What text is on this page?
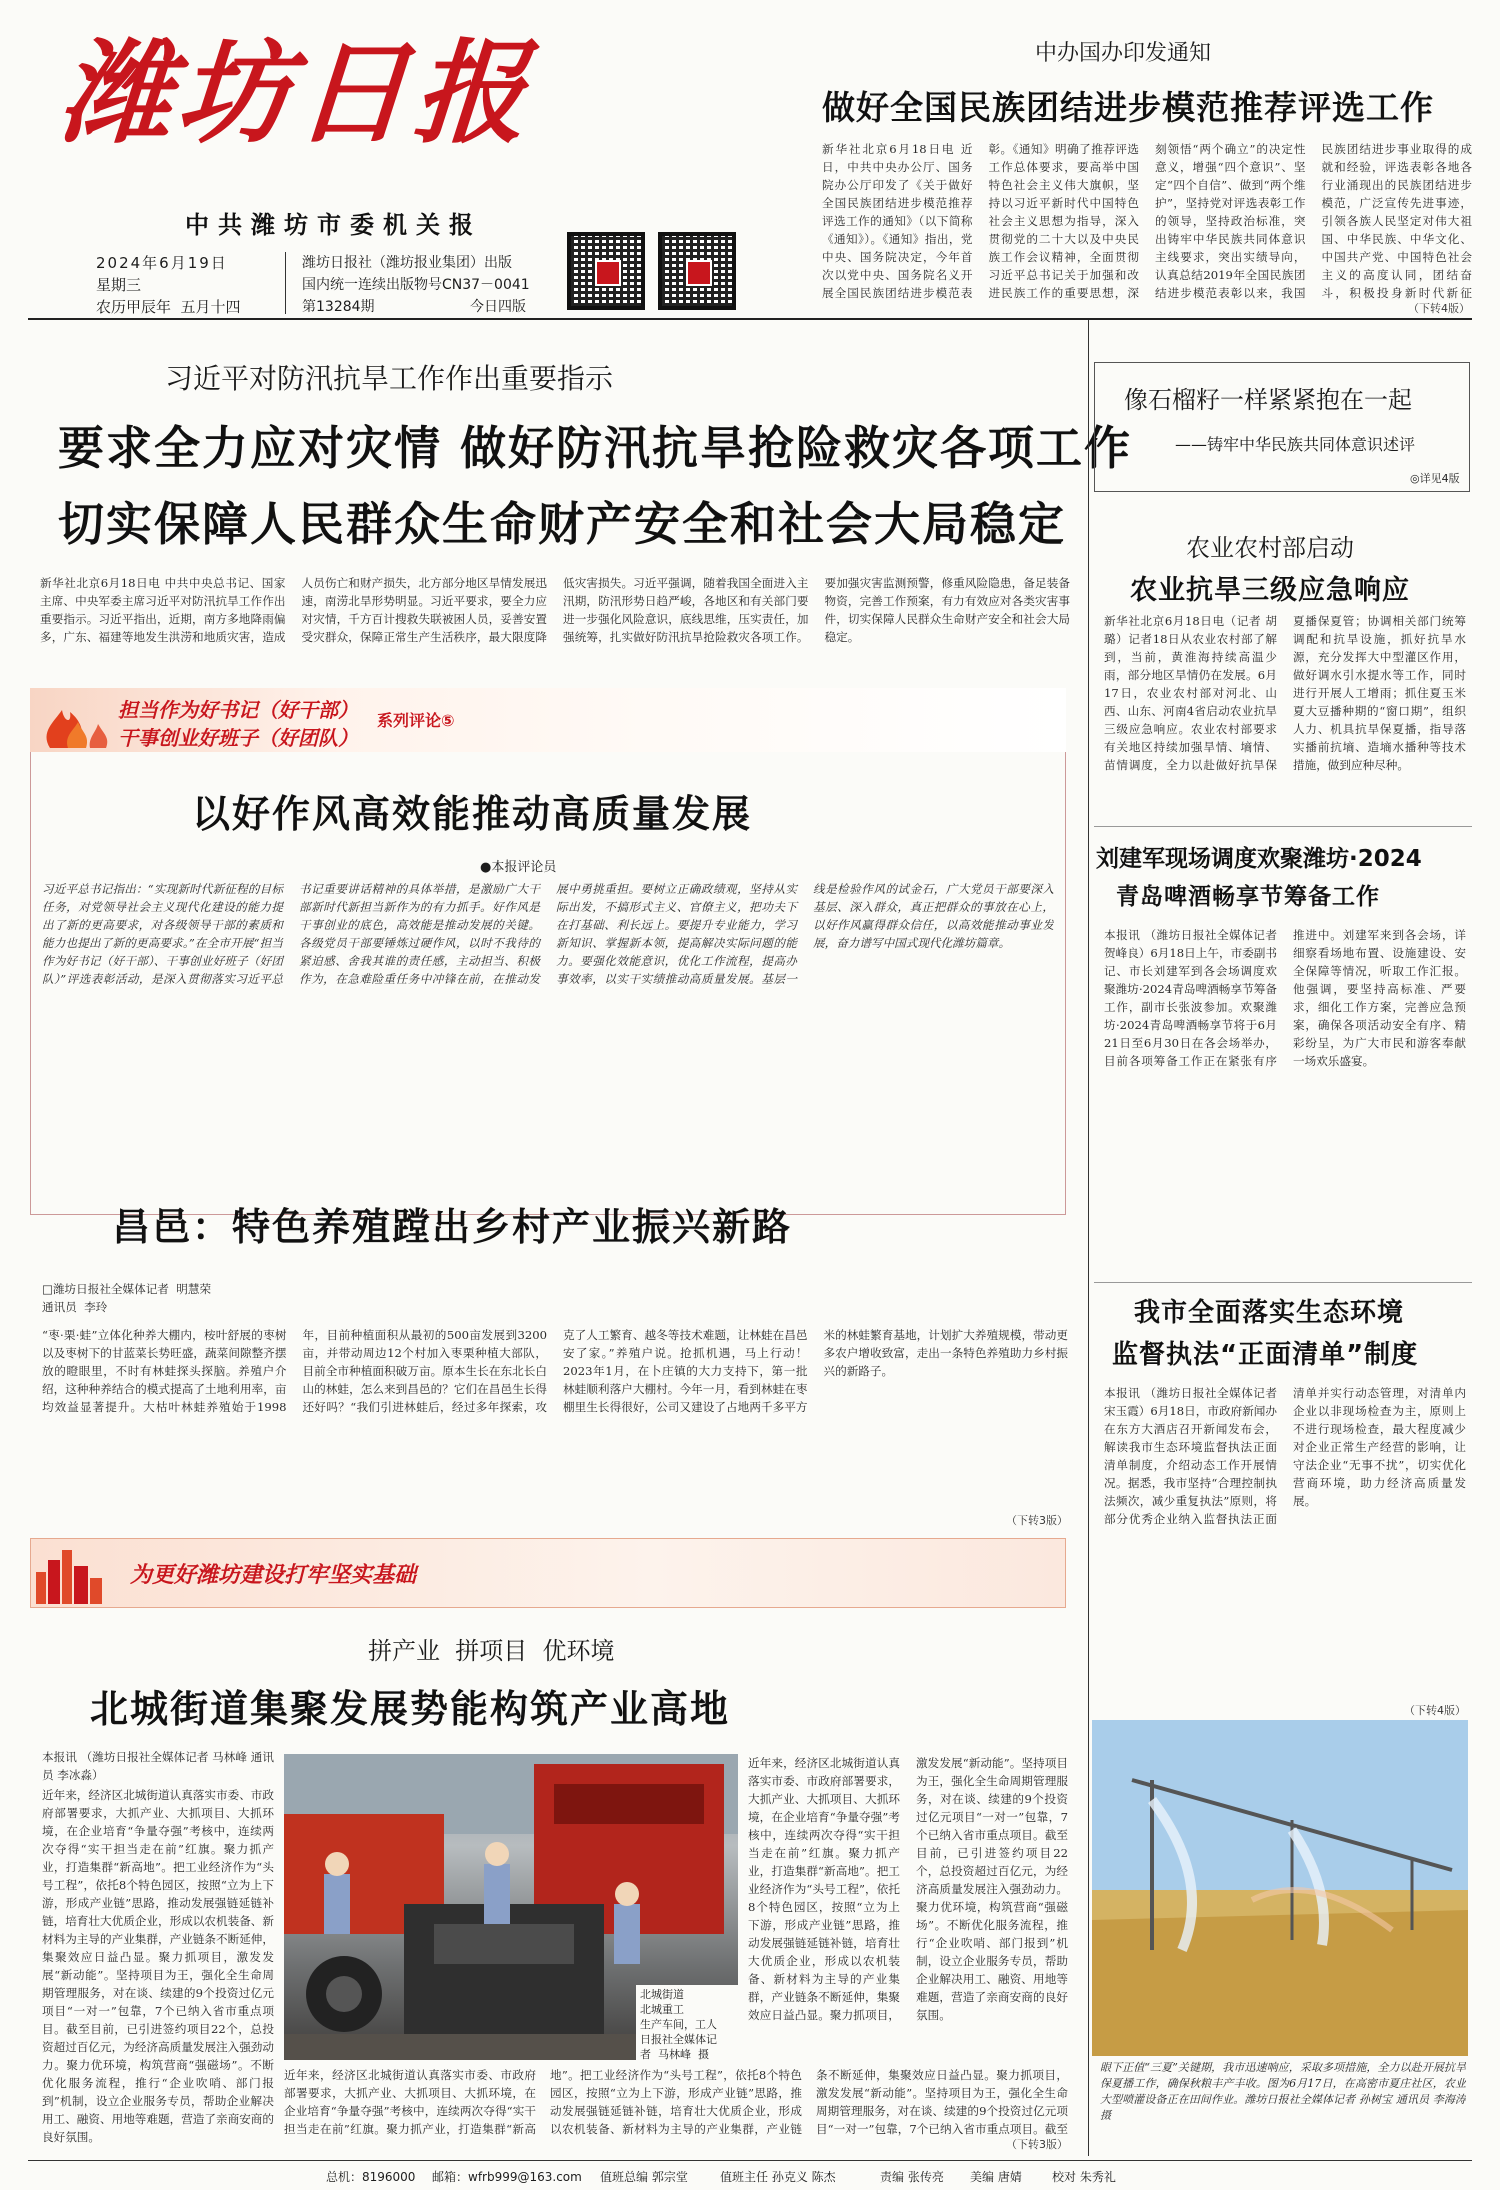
潍坊日报
中共潍坊市委机关报
2024年6月19日
星期三
农历甲辰年  五月十四
潍坊日报社（潍坊报业集团）出版
国内统一连续出版物号CN37－0041
第13284期	今日四版
中办国办印发通知
做好全国民族团结进步模范推荐评选工作
新华社北京6月18日电 近日，中共中央办公厅、国务院办公厅印发了《关于做好全国民族团结进步模范推荐评选工作的通知》（以下简称《通知》）。《通知》指出，党中央、国务院决定，今年首次以党中央、国务院名义开展全国民族团结进步模范表彰。《通知》明确了推荐评选工作总体要求，要高举中国特色社会主义伟大旗帜，坚持以习近平新时代中国特色社会主义思想为指导，深入贯彻党的二十大以及中央民族工作会议精神，全面贯彻习近平总书记关于加强和改进民族工作的重要思想，深刻领悟“两个确立”的决定性意义，增强“四个意识”、坚定“四个自信”、做到“两个维护”，坚持党对评选表彰工作的领导，坚持政治标准，突出铸牢中华民族共同体意识主线要求，突出实绩导向，认真总结2019年全国民族团结进步模范表彰以来，我国民族团结进步事业取得的成就和经验，评选表彰各地各行业涌现出的民族团结进步模范，广泛宣传先进事迹，引领各族人民坚定对伟大祖国、中华民族、中华文化、中国共产党、中国特色社会主义的高度认同，团结奋斗，积极投身新时代新征
（下转4版）
习近平对防汛抗旱工作作出重要指示
要求全力应对灾情 做好防汛抗旱抢险救灾各项工作
切实保障人民群众生命财产安全和社会大局稳定
新华社北京6月18日电 中共中央总书记、国家主席、中央军委主席习近平对防汛抗旱工作作出重要指示。习近平指出，近期，南方多地降雨偏多，广东、福建等地发生洪涝和地质灾害，造成人员伤亡和财产损失，北方部分地区旱情发展迅速，南涝北旱形势明显。习近平要求，要全力应对灾情，千方百计搜救失联被困人员，妥善安置受灾群众，保障正常生产生活秩序，最大限度降低灾害损失。习近平强调，随着我国全面进入主汛期，防汛形势日趋严峻，各地区和有关部门要进一步强化风险意识，底线思维，压实责任，加强统筹，扎实做好防汛抗旱抢险救灾各项工作。要加强灾害监测预警，修重风险隐患，备足装备物资，完善工作预案，有力有效应对各类灾害事件，切实保障人民群众生命财产安全和社会大局稳定。
担当作为好书记（好干部）
干事创业好班子（好团队）
系列评论⑤
以好作风高效能推动高质量发展
●本报评论员
习近平总书记指出：“实现新时代新征程的目标任务，对党领导社会主义现代化建设的能力提出了新的更高要求，对各级领导干部的素质和能力也提出了新的更高要求。”在全市开展“担当作为好书记（好干部）、干事创业好班子（好团队）”评选表彰活动，是深入贯彻落实习近平总书记重要讲话精神的具体举措，是激励广大干部新时代新担当新作为的有力抓手。好作风是干事创业的底色，高效能是推动发展的关键。各级党员干部要锤炼过硬作风，以时不我待的紧迫感、舍我其谁的责任感，主动担当、积极作为，在急难险重任务中冲锋在前，在推动发展中勇挑重担。要树立正确政绩观，坚持从实际出发，不搞形式主义、官僚主义，把功夫下在打基础、利长远上。要提升专业能力，学习新知识、掌握新本领，提高解决实际问题的能力。要强化效能意识，优化工作流程，提高办事效率，以实干实绩推动高质量发展。基层一线是检验作风的试金石，广大党员干部要深入基层、深入群众，真正把群众的事放在心上，以好作风赢得群众信任，以高效能推动事业发展，奋力谱写中国式现代化潍坊篇章。
昌邑：特色养殖蹚出乡村产业振兴新路
□潍坊日报社全媒体记者  明慧荣
通讯员  李玲
“枣·栗·蛙”立体化种养大棚内，桉叶舒展的枣树以及枣树下的甘蓝菜长势旺盛，蔬菜间隙整齐摆放的瞪眼里，不时有林蛙探头探脑。养殖户介绍，这种种养结合的模式提高了土地利用率，亩均效益显著提升。大枯叶林蛙养殖始于1998年，目前种植面积从最初的500亩发展到3200亩，并带动周边12个村加入枣栗种植大部队，目前全市种植面积破万亩。原本生长在东北长白山的林蛙，怎么来到昌邑的？它们在昌邑生长得还好吗？“我们引进林蛙后，经过多年探索，攻克了人工繁育、越冬等技术难题，让林蛙在昌邑安了家。”养殖户说。抢抓机遇，马上行动！2023年1月，在卜庄镇的大力支持下，第一批林蛙顺利落户大棚村。今年一月，看到林蛙在枣棚里生长得很好，公司又建设了占地两千多平方米的林蛙繁育基地，计划扩大养殖规模，带动更多农户增收致富，走出一条特色养殖助力乡村振兴的新路子。
（下转3版）
为更好潍坊建设打牢坚实基础
拼产业  拼项目  优环境
北城街道集聚发展势能构筑产业高地
本报讯 （潍坊日报社全媒体记者 马林峰 通讯员 李冰淼）
近年来，经济区北城街道认真落实市委、市政府部署要求，大抓产业、大抓项目、大抓环境，在企业培育“争量夺强”考核中，连续两次夺得“实干担当走在前”红旗。聚力抓产业，打造集群“新高地”。把工业经济作为“头号工程”，依托8个特色园区，按照“立为上下游，形成产业链”思路，推动发展强链延链补链，培育壮大优质企业，形成以农机装备、新材料为主导的产业集群，产业链条不断延伸，集聚效应日益凸显。聚力抓项目，激发发展“新动能”。坚持项目为王，强化全生命周期管理服务，对在谈、续建的9个投资过亿元项目“一对一”包靠，7个已纳入省市重点项目。截至目前，已引进签约项目22个，总投资超过百亿元，为经济高质量发展注入强劲动力。聚力优环境，构筑营商“强磁场”。不断优化服务流程，推行“企业吹哨、部门报到”机制，设立企业服务专员，帮助企业解决用工、融资、用地等难题，营造了亲商安商的良好氛围。
北城街道
北城重工
生产车间，工人
日报社全媒体记
者  马林峰  摄
近年来，经济区北城街道认真落实市委、市政府部署要求，大抓产业、大抓项目、大抓环境，在企业培育“争量夺强”考核中，连续两次夺得“实干担当走在前”红旗。聚力抓产业，打造集群“新高地”。把工业经济作为“头号工程”，依托8个特色园区，按照“立为上下游，形成产业链”思路，推动发展强链延链补链，培育壮大优质企业，形成以农机装备、新材料为主导的产业集群，产业链条不断延伸，集聚效应日益凸显。聚力抓项目，激发发展“新动能”。坚持项目为王，强化全生命周期管理服务，对在谈、续建的9个投资过亿元项目“一对一”包靠，7个已纳入省市重点项目。截至目前，已引进签约项目22个，总投资超过百亿元，为经济高质量发展注入强劲动力。聚力优环境，构筑营商“强磁场”。不断优化服务流程，推行“企业吹哨、部门报到”机制，设立企业服务专员，帮助企业解决用工、融资、用地等难题，营造了亲商安商的良好氛围。
近年来，经济区北城街道认真落实市委、市政府部署要求，大抓产业、大抓项目、大抓环境，在企业培育“争量夺强”考核中，连续两次夺得“实干担当走在前”红旗。聚力抓产业，打造集群“新高地”。把工业经济作为“头号工程”，依托8个特色园区，按照“立为上下游，形成产业链”思路，推动发展强链延链补链，培育壮大优质企业，形成以农机装备、新材料为主导的产业集群，产业链条不断延伸，集聚效应日益凸显。聚力抓项目，激发发展“新动能”。坚持项目为王，强化全生命周期管理服务，对在谈、续建的9个投资过亿元项目“一对一”包靠，7个已纳入省市重点项目。截至
（下转3版）
像石榴籽一样紧紧抱在一起
——铸牢中华民族共同体意识述评
◎详见4版
农业农村部启动
农业抗旱三级应急响应
新华社北京6月18日电（记者 胡璐）记者18日从农业农村部了解到，当前，黄淮海持续高温少雨，部分地区旱情仍在发展。6月17日，农业农村部对河北、山西、山东、河南4省启动农业抗旱三级应急响应。农业农村部要求有关地区持续加强旱情、墒情、苗情调度，全力以赴做好抗旱保夏播保夏管；协调相关部门统筹调配和抗旱设施，抓好抗旱水源，充分发挥大中型灌区作用，做好调水引水提水等工作，同时进行开展人工增雨；抓住夏玉米夏大豆播种期的“窗口期”，组织人力、机具抗旱保夏播，指导落实播前抗墒、造墒水播种等技术措施，做到应种尽种。
刘建军现场调度欢聚潍坊·2024
青岛啤酒畅享节筹备工作
本报讯 （潍坊日报社全媒体记者 贺峰良）6月18日上午，市委副书记、市长刘建军到各会场调度欢聚潍坊·2024青岛啤酒畅享节筹备工作，副市长张波参加。欢聚潍坊·2024青岛啤酒畅享节将于6月21日至6月30日在各会场举办，目前各项筹备工作正在紧张有序推进中。刘建军来到各会场，详细察看场地布置、设施建设、安全保障等情况，听取工作汇报。他强调，要坚持高标准、严要求，细化工作方案，完善应急预案，确保各项活动安全有序、精彩纷呈，为广大市民和游客奉献一场欢乐盛宴。
我市全面落实生态环境
监督执法“正面清单”制度
本报讯 （潍坊日报社全媒体记者 宋玉霞）6月18日，市政府新闻办在东方大酒店召开新闻发布会，解读我市生态环境监督执法正面清单制度，介绍动态工作开展情况。据悉，我市坚持“合理控制执法频次，减少重复执法”原则，将部分优秀企业纳入监督执法正面清单并实行动态管理，对清单内企业以非现场检查为主，原则上不进行现场检查，最大程度减少对企业正常生产经营的影响，让守法企业“无事不扰”，切实优化营商环境，助力经济高质量发展。
（下转4版）
眼下正值“三夏”关键期，我市迅速响应，采取多项措施，全力以赴开展抗旱保夏播工作，确保秋粮丰产丰收。图为6月17日，在高密市夏庄社区，农业大型喷灌设备正在田间作业。潍坊日报社全媒体记者 孙树宝 通讯员 李海涛 摄
总机：8196000 邮箱：wfrb999@163.com 值班总编 郭宗堂	值班主任 孙克义 陈杰	责编 张传亮 美编 唐婧	校对 朱秀礼
